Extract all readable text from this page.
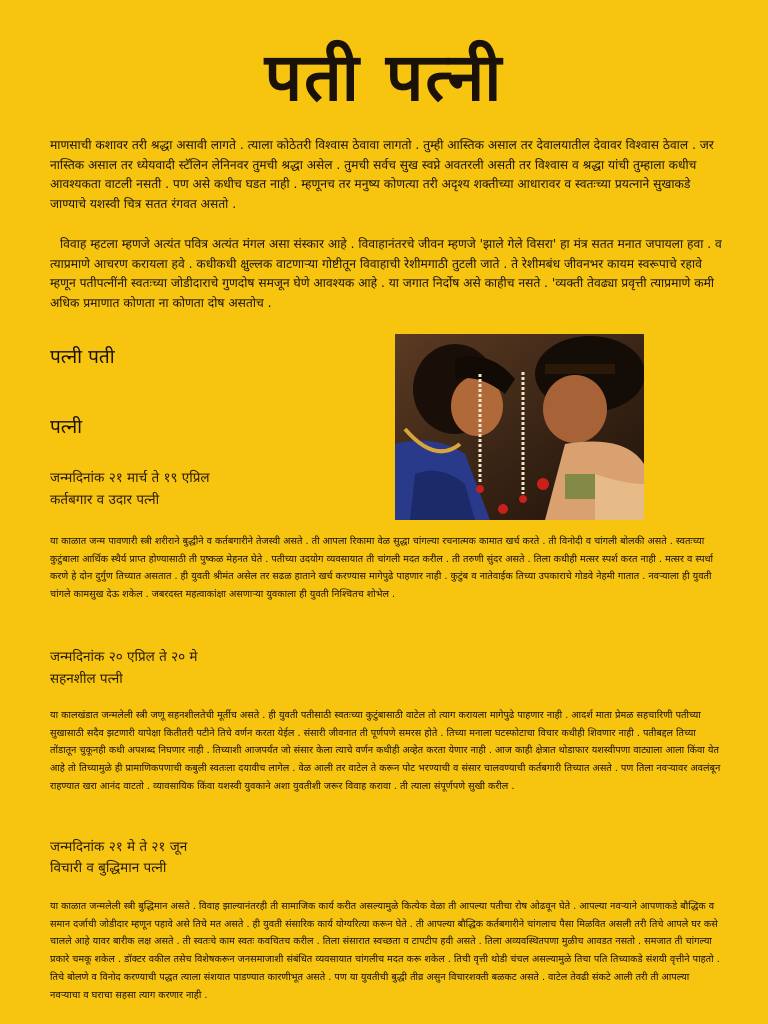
पती पत्नी
माणसाची कशावर तरी श्रद्धा असावी लागते . त्याला कोठेतरी विश्वास ठेवावा लागतो . तुम्ही आस्तिक असाल तर देवालयातील देवावर विश्वास ठेवाल . जर नास्तिक असाल तर ध्येयवादी स्टॅलिन लेनिनवर तुमची श्रद्धा असेल . तुमची सर्वच सुख स्वप्ने अवतरली असती तर विश्वास व श्रद्धा यांची तुम्हाला कधीच आवश्यकता वाटली नसती . पण असे कधीच घडत नाही . म्हणूनच तर मनुष्य कोणत्या तरी अदृश्य शक्तीच्या आधारावर व स्वतःच्या प्रयत्नाने सुखाकडे जाण्याचे यशस्वी चित्र सतत रंगवत असतो .
विवाह म्हटला म्हणजे अत्यंत पवित्र अत्यंत मंगल असा संस्कार आहे . विवाहानंतरचे जीवन म्हणजे 'झाले गेले विसरा' हा मंत्र सतत मनात जपायला हवा . व त्याप्रमाणे आचरण करायला हवे . कधीकधी क्षुल्लक वाटणाऱ्या गोष्टीतून विवाहाची रेशीमगाठी तुटली जाते . ते रेशीमबंध जीवनभर कायम स्वरूपाचे रहावे म्हणून पतीपत्नींनी स्वतःच्या जोडीदाराचे गुणदोष समजून घेणे आवश्यक आहे . या जगात निर्दोष असे काहीच नसते . 'व्यक्ती तेवढ्या प्रवृत्ती त्याप्रमाणे कमी अधिक प्रमाणात कोणता ना कोणता दोष असतोच .
पत्नी पती
पत्नी
जन्मदिनांक २१ मार्च ते १९ एप्रिल
कर्तबगार व उदार पत्नी
या काळात जन्म पावणारी स्त्री शरीराने बुद्धीने व कर्तबगारीने तेजस्वी असते . ती आपला रिकामा वेळ सुद्धा चांगल्या रचनात्मक कामात खर्च करते . ती विनोदी व चांगली बोलकी असते . स्वतःच्या कुटुंबाला आर्थिक स्थैर्य प्राप्त होण्यासाठी ती पुष्कळ मेहनत घेते . पतीच्या उदयोग व्यवसायात ती चांगली मदत करील . ती तरुणी सुंदर असते . तिला कधीही मत्सर स्पर्श करत नाही . मत्सर व स्पर्धा करणे हे दोन दुर्गुण तिच्यात असतात . ही युवती श्रीमंत असेल तर सढळ हाताने खर्च करण्यास मागेपुढे पाहणार नाही . कुटुंब व नातेवाईक तिच्या उपकाराचे गोडवे नेहमी गातात . नवऱ्याला ही युवती चांगले कामसुख देऊ शकेल . जबरदस्त महत्वाकांक्षा असणाऱ्या युवकाला ही युवती निश्चितच शोभेल .
जन्मदिनांक २० एप्रिल ते २० मे
सहनशील पत्नी
या कालखंडात जन्मलेली स्त्री जणू सहनशीलतेची मूर्तीच असते . ही युवती पतीसाठी स्वतःच्या कुटुंबासाठी वाटेल तो त्याग करायला मागेपुढे पाहणार नाही . आदर्श माता प्रेमळ सहचारिणी पतीच्या सुखासाठी सदैव झटणारी यापेक्षा कितीतरी पटीने तिचे वर्णन करता येईल . संसारी जीवनात ती पूर्णपणे समरस होते . तिच्या मनाला घटस्फोटाचा विचार कधीही शिवणार नाही . पतीबद्दल तिच्या तोंडातून चुकूनही कधी अपशब्द निघणार नाही . तिच्याशी आजपर्यंत जो संसार केला त्याचे वर्णन कधीही अव्हेत करता येणार नाही . आज काही क्षेत्रात थोडाफार यशस्वीपणा वाट्याला आला किंवा येत आहे तो तिच्यामुळे ही प्रामाणिकपणाची कबुली स्वतःला दयावीच लागेल . वेळ आली तर वाटेल ते करून पोट भरण्याची व संसार चालवण्याची कर्तबगारी तिच्यात असते . पण तिला नवऱ्यावर अवलंबून राहण्यात खरा आनंद वाटतो . व्यावसायिक किंवा यशस्वी युवकाने अशा युवतीशी जरूर विवाह करावा . ती त्याला संपूर्णपणे सुखी करील .
जन्मदिनांक २१ मे ते २१ जून
विचारी व बुद्धिमान पत्नी
या काळात जन्मलेली स्त्री बुद्धिमान असते . विवाह झाल्यानंतरही ती सामाजिक कार्य करीत असल्यामुळे कित्येक वेळा ती आपल्या पतीचा रोष ओढवून घेते . आपल्या नवऱ्याने आपणाकडे बौद्धिक व समान दर्जाची जोडीदार म्हणून पहावे असे तिचे मत असते . ही युवती संसारिक कार्य योग्यरित्या करून घेते . ती आपल्या बौद्धिक कर्तबगारीने चांगलाच पैसा मिळवित असली तरी तिचे आपले घर कसे चालले आहे यावर बारीक लक्ष असते . ती स्वतःचे काम स्वतः कवचितच करील . तिला संसारात स्वच्छता व टापटीप हवी असते . तिला अव्यवस्थितपणा मुळीच आवडत नसतो . समजात ती चांगल्या प्रकारे चमकू शकेल . डॉक्टर वकील तसेच विशेषकरून जनसमाजाशी संबंधित व्यवसायात चांगलीच मदत करू शकेल . तिची वृत्ती थोडी चंचल असल्यामुळे तिचा पति तिच्याकडे संशयी वृत्तीने पाहतो . तिचे बोलणे व विनोद करण्याची पद्धत त्याला संशयात पाडण्यात कारणीभूत असते . पण या युवतीची बुद्धी तीव्र असुन विचारशक्ती बळकट असते . वाटेल तेवढी संकटे आली तरी ती आपल्या नवऱ्याचा व घराचा सहसा त्याग करणार नाही .
